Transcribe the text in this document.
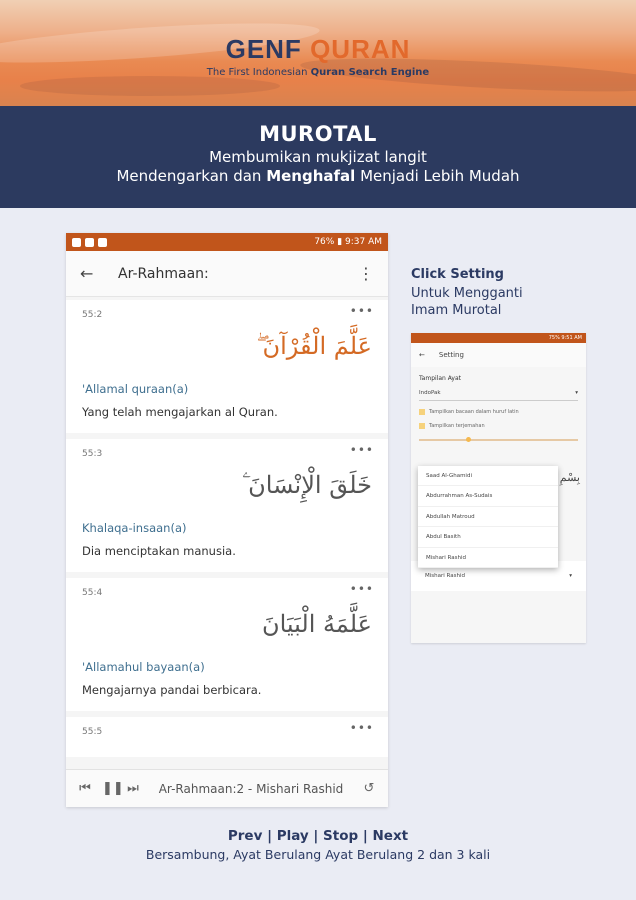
GENF QURAN
The First Indonesian Quran Search Engine
MUROTAL
Membumikan mukjizat langit
Mendengarkan dan Menghafal Menjadi Lebih Mudah
76% ▮ 9:37 AM
←	Ar-Rahmaan:	⋮
55:2	•••
عَلَّمَ الْقُرْآنَ ۖ
'Allamal quraan(a)
Yang telah mengajarkan al Quran.
55:3	•••
خَلَقَ الْإِنْسَانَ ۧ
Khalaqa-insaan(a)
Dia menciptakan manusia.
55:4	•••
عَلَّمَهُ الْبَيَانَ
'Allamahul bayaan(a)
Mengajarnya pandai berbicara.
55:5	•••
⏮ ❚❚ ⏭	Ar-Rahmaan:2 - Mishari Rashid	↺
Click Setting
Untuk Mengganti
Imam Murotal
75% 9:51 AM
← Setting
Tampilan Ayat
IndoPak	▾
Tampilkan bacaan dalam huruf latin
Tampilkan terjemahan
بِسْمِ
Mishari Rashid	▾
Saad Al-Ghamidi
Abdurrahman As-Sudais
Abdullah Matroud
Abdul Basith
Mishari Rashid
Prev | Play | Stop | Next
Bersambung, Ayat Berulang Ayat Berulang 2 dan 3 kali
